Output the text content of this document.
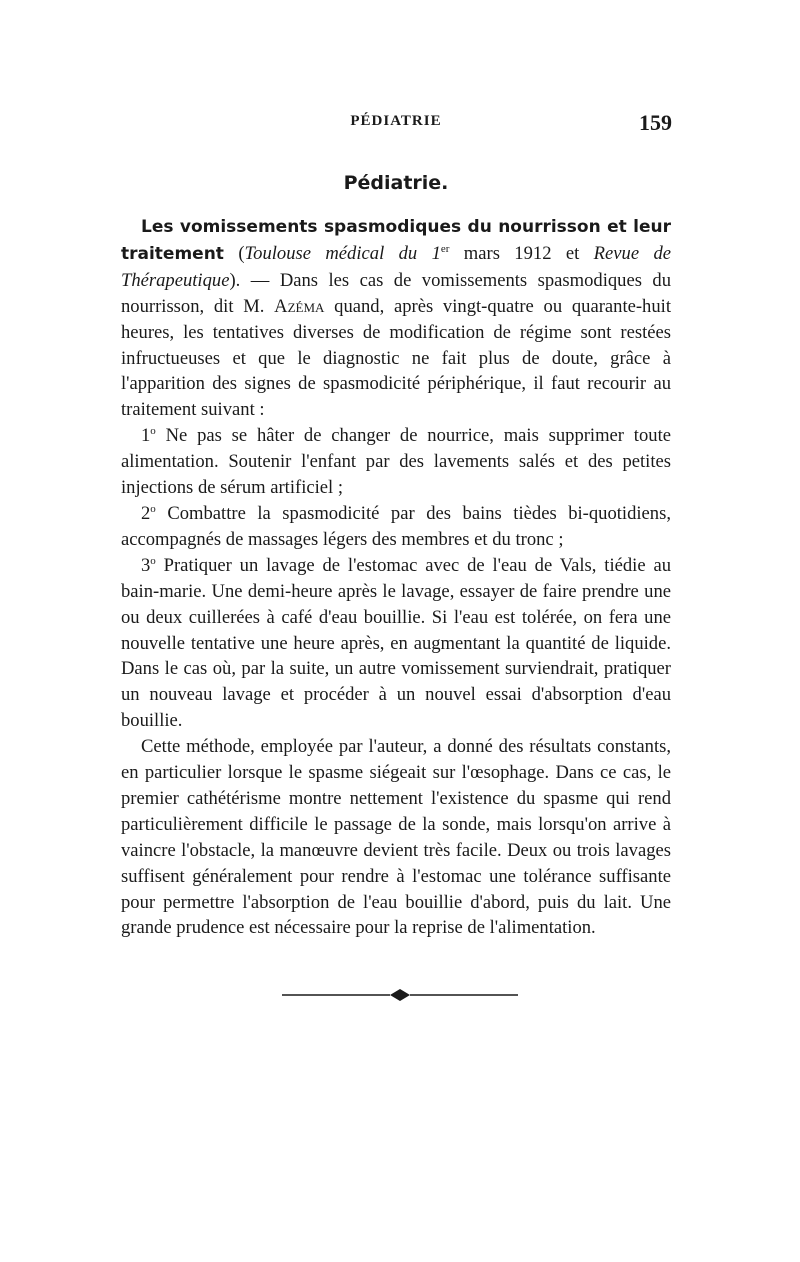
PÉDIATRIE	159
Pédiatrie.

Les vomissements spasmodiques du nourrisson et leur traitement (Toulouse médical du 1er mars 1912 et Revue de Thérapeutique). — Dans les cas de vomissements spasmodiques du nourrisson, dit M. Azéma quand, après vingt-quatre ou quarante-huit heures, les tentatives diverses de modification de régime sont restées infructueuses et que le diagnostic ne fait plus de doute, grâce à l'apparition des signes de spasmodicité périphérique, il faut recourir au traitement suivant :

1$^o$ Ne pas se hâter de changer de nourrice, mais supprimer toute alimentation. Soutenir l'enfant par des lavements salés et des petites injections de sérum artificiel ;

2$^o$ Combattre la spasmodicité par des bains tièdes bi-quotidiens, accompagnés de massages légers des membres et du tronc ;

3$^o$ Pratiquer un lavage de l'estomac avec de l'eau de Vals, tiédie au bain-marie. Une demi-heure après le lavage, essayer de faire prendre une ou deux cuillerées à café d'eau bouillie. Si l'eau est tolérée, on fera une nouvelle tentative une heure après, en augmentant la quantité de liquide. Dans le cas où, par la suite, un autre vomissement surviendrait, pratiquer un nouveau lavage et procéder à un nouvel essai d'absorption d'eau bouillie.

Cette méthode, employée par l'auteur, a donné des résultats constants, en particulier lorsque le spasme siégeait sur l'œsophage. Dans ce cas, le premier cathétérisme montre nettement l'existence du spasme qui rend particulièrement difficile le passage de la sonde, mais lorsqu'on arrive à vaincre l'obstacle, la manœuvre devient très facile. Deux ou trois lavages suffisent généralement pour rendre à l'estomac une tolérance suffisante pour permettre l'absorption de l'eau bouillie d'abord, puis du lait. Une grande prudence est nécessaire pour la reprise de l'alimentation.
